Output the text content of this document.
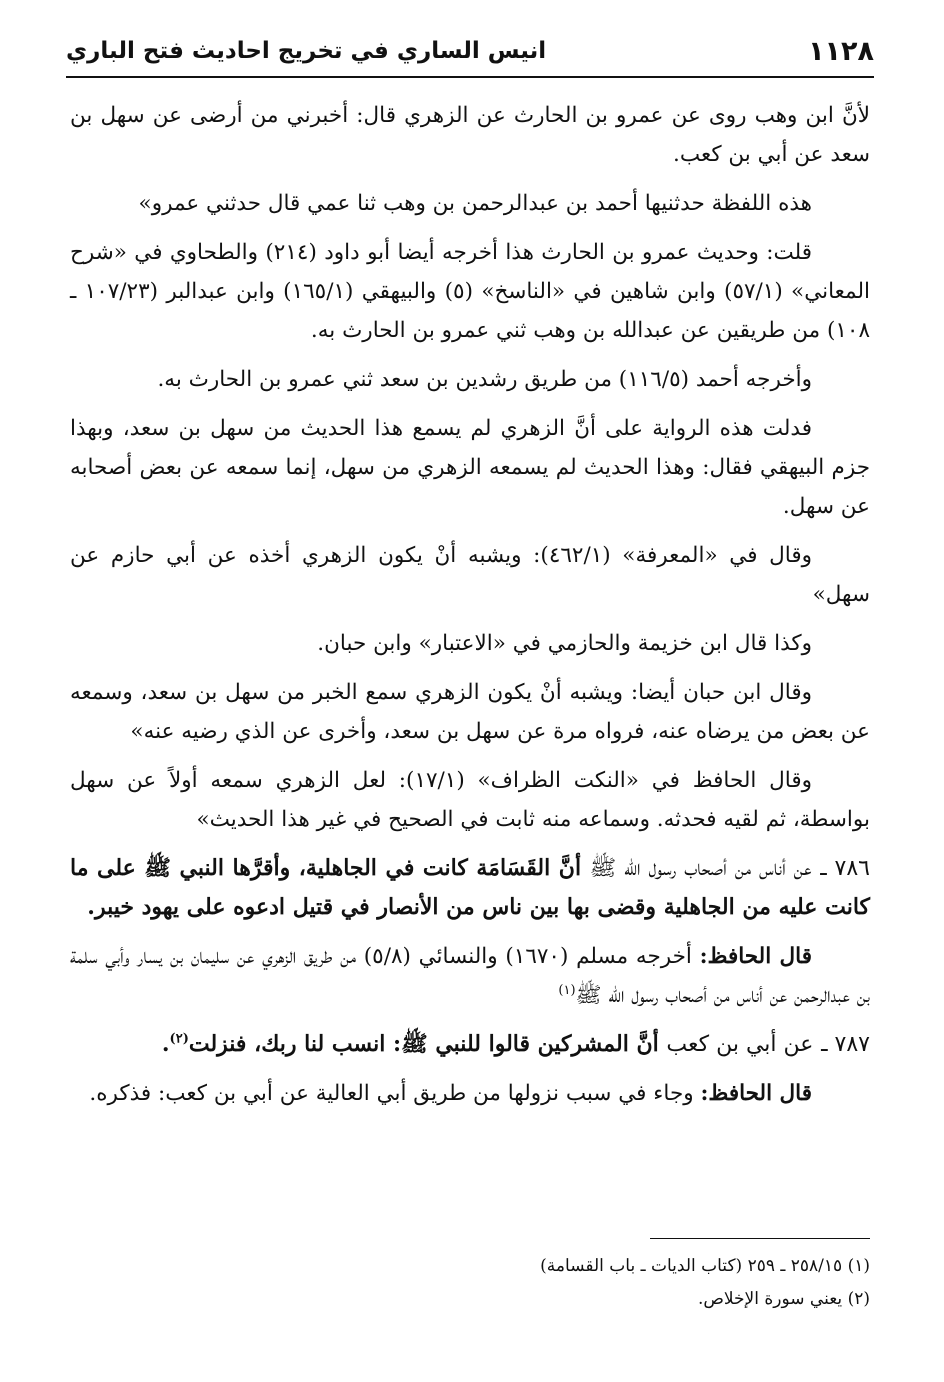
١١٢٨
انيس الساري في تخريج احاديث فتح الباري

لأنَّ ابن وهب روى عن عمرو بن الحارث عن الزهري قال: أخبرني من أرضى عن سهل بن سعد عن أبي بن كعب.

هذه اللفظة حدثنيها أحمد بن عبدالرحمن بن وهب ثنا عمي قال حدثني عمرو»

قلت: وحديث عمرو بن الحارث هذا أخرجه أيضا أبو داود (٢١٤) والطحاوي في «شرح المعاني» (٥٧/١) وابن شاهين في «الناسخ» (٥) والبيهقي (١٦٥/١) وابن عبدالبر (١٠٧/٢٣ ـ ١٠٨) من طريقين عن عبدالله بن وهب ثني عمرو بن الحارث به.

وأخرجه أحمد (١١٦/٥) من طريق رشدين بن سعد ثني عمرو بن الحارث به.

فدلت هذه الرواية على أنَّ الزهري لم يسمع هذا الحديث من سهل بن سعد، وبهذا جزم البيهقي فقال: وهذا الحديث لم يسمعه الزهري من سهل، إنما سمعه عن بعض أصحابه عن سهل.

وقال في «المعرفة» (٤٦٢/١): ويشبه أنْ يكون الزهري أخذه عن أبي حازم عن سهل»

وكذا قال ابن خزيمة والحازمي في «الاعتبار» وابن حبان.

وقال ابن حبان أيضا: ويشبه أنْ يكون الزهري سمع الخبر من سهل بن سعد، وسمعه عن بعض من يرضاه عنه، فرواه مرة عن سهل بن سعد، وأخرى عن الذي رضيه عنه»

وقال الحافظ في «النكت الظراف» (١٧/١): لعل الزهري سمعه أولاً عن سهل بواسطة، ثم لقيه فحدثه. وسماعه منه ثابت في الصحيح في غير هذا الحديث»

٧٨٦ ـ عن أناس من أصحاب رسول الله ﷺ أنَّ القَسَامَة كانت في الجاهلية، وأقرَّها النبي ﷺ على ما كانت عليه من الجاهلية وقضى بها بين ناس من الأنصار في قتيل ادعوه على يهود خيبر.

قال الحافظ: أخرجه مسلم (١٦٧٠) والنسائي (٥/٨) من طريق الزهري عن سليمان بن يسار وأبي سلمة بن عبدالرحمن عن أناس من أصحاب رسول الله ﷺ$^{(١)}$

٧٨٧ ـ عن أبي بن كعب أنَّ المشركين قالوا للنبي ﷺ: انسب لنا ربك، فنزلت$^{(٢)}$.

قال الحافظ: وجاء في سبب نزولها من طريق أبي العالية عن أبي بن كعب: فذكره.

(١) ٢٥٨/١٥ ـ ٢٥٩ (كتاب الديات ـ باب القسامة)

(٢) يعني سورة الإخلاص.
